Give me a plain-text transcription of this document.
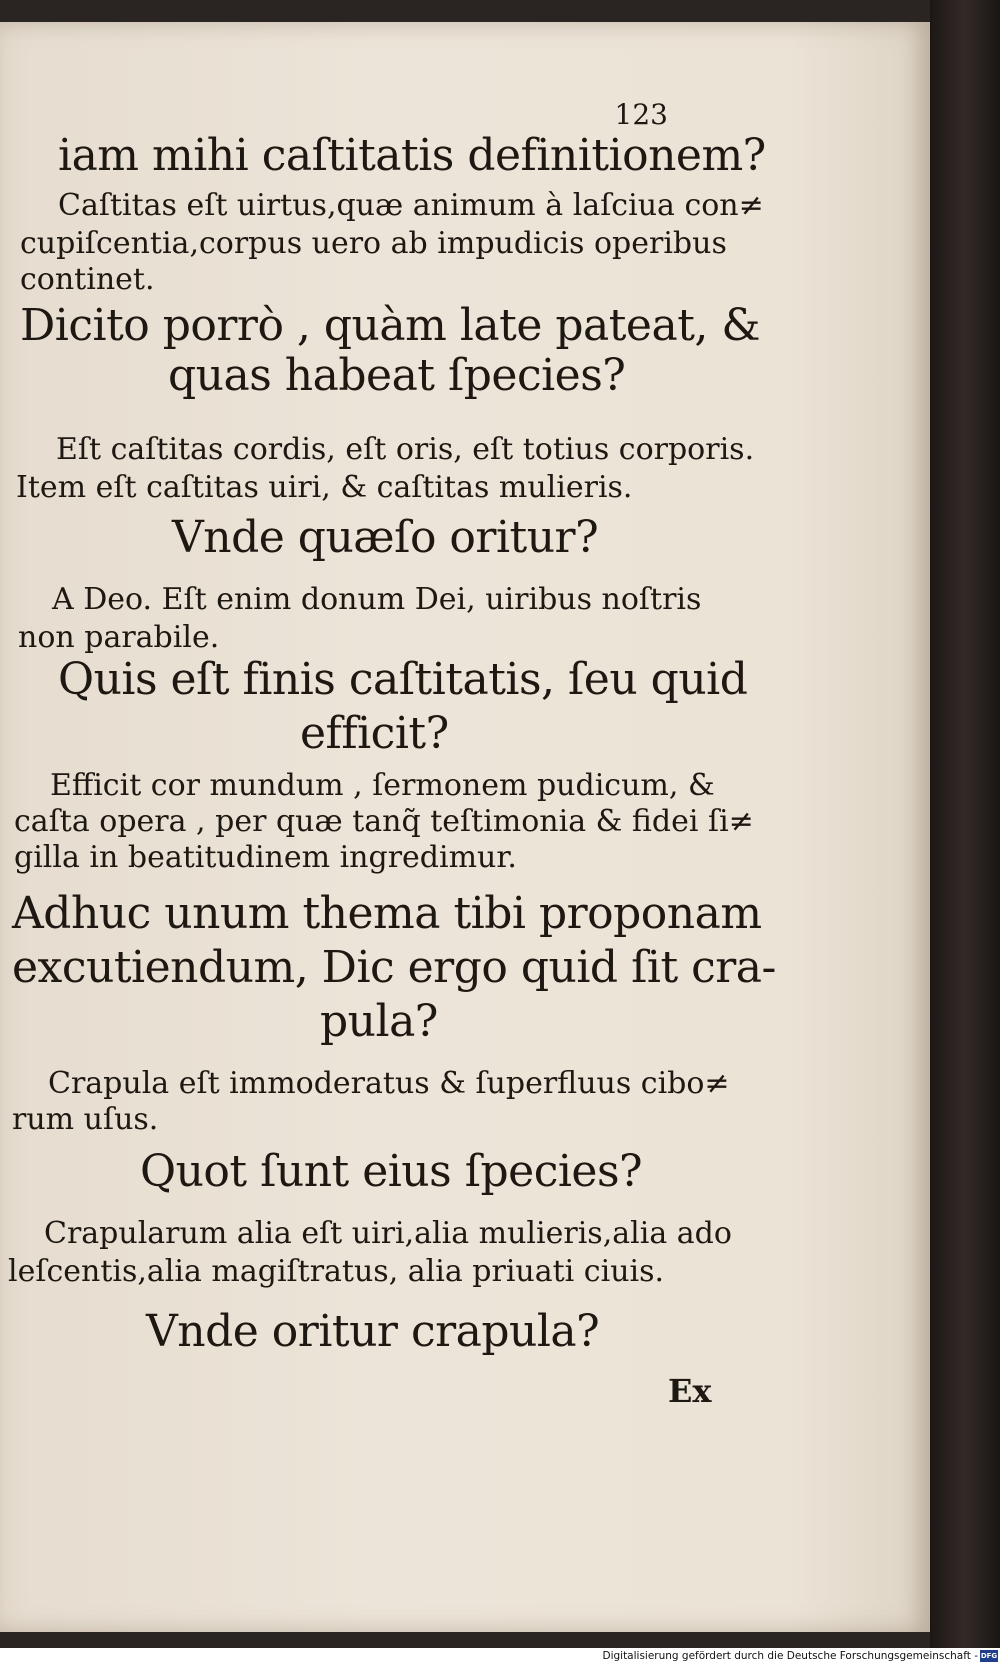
123
iam mihi caſtitatis definitionem?
Caſtitas eſt uirtus,quæ animum à laſciua con≠
cupiſcentia,corpus uero ab impudicis operibus
continet.
Dicito porrò , quàm late pateat, &
quas habeat ſpecies?
Eſt caſtitas cordis, eſt oris, eſt totius corporis.
Item eſt caſtitas uiri, & caſtitas mulieris.
Vnde quæſo oritur?
A Deo. Eſt enim donum Dei, uiribus noſtris
non parabile.
Quis eſt finis caſtitatis, ſeu quid
efficit?
Efficit cor mundum , ſermonem pudicum, &
caſta opera , per quæ tanq̃ teſtimonia & fidei ſi≠
gilla in beatitudinem ingredimur.
Adhuc unum thema tibi proponam
excutiendum, Dic ergo quid ſit cra-
pula?
Crapula eſt immoderatus & ſuperfluus cibo≠
rum uſus.
Quot ſunt eius ſpecies?
Crapularum alia eſt uiri,alia mulieris,alia ado
leſcentis,alia magiſtratus, alia priuati ciuis.
Vnde oritur crapula?
Ex
Digitalisierung gefördert durch die Deutsche Forschungsgemeinschaft - DFG
